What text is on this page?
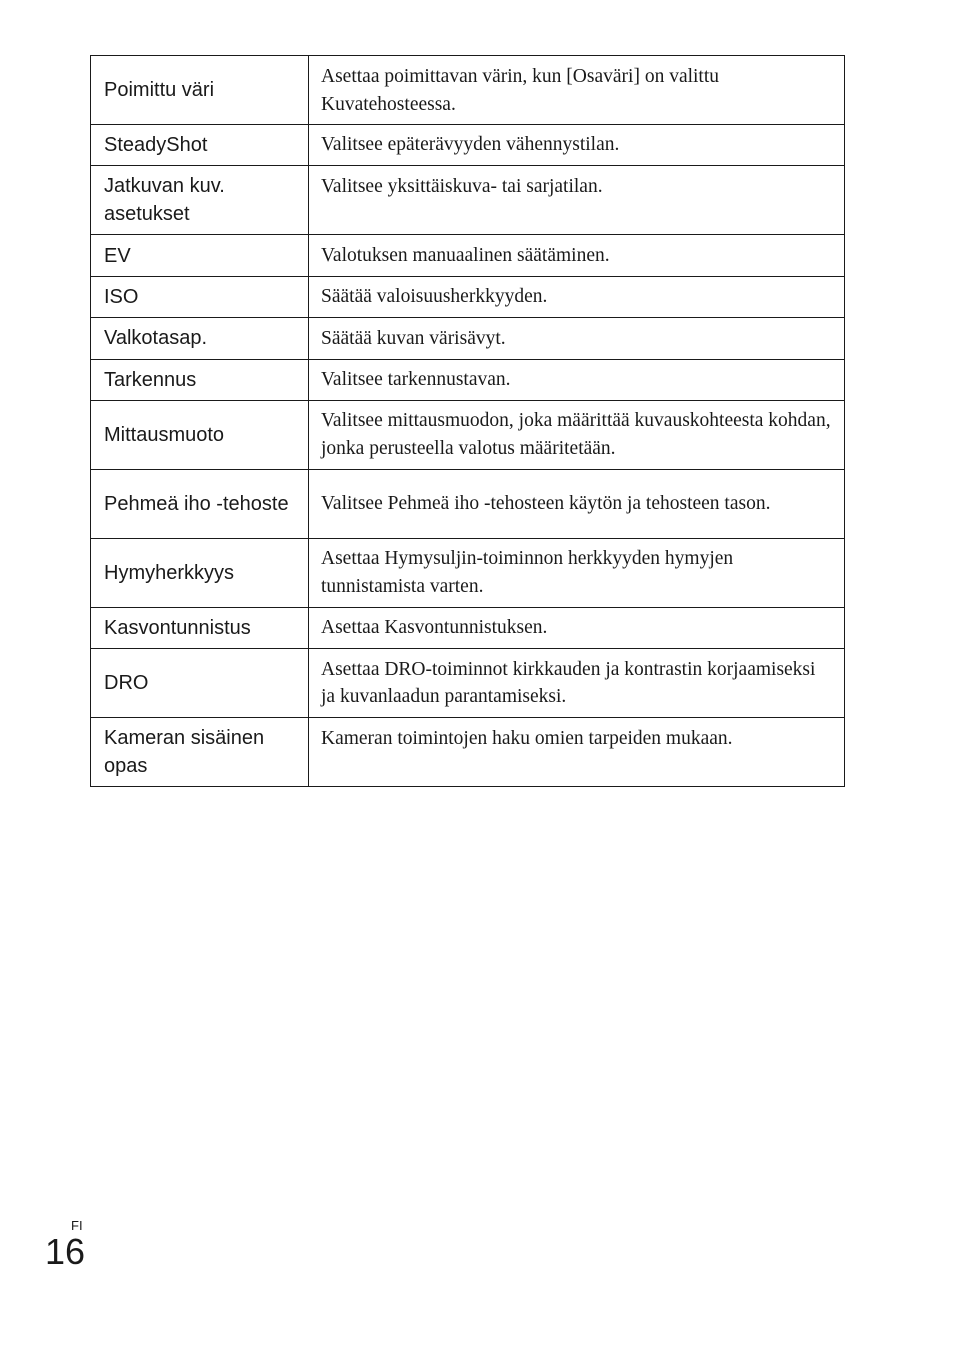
Poimittu väri	Asettaa poimittavan värin, kun [Osaväri] on valittu Kuvatehosteessa.
SteadyShot	Valitsee epäterävyyden vähennystilan.
Jatkuvan kuv. asetukset	Valitsee yksittäiskuva- tai sarjatilan.
EV	Valotuksen manuaalinen säätäminen.
ISO	Säätää valoisuusherkkyyden.
Valkotasap.	Säätää kuvan värisävyt.
Tarkennus	Valitsee tarkennustavan.
Mittausmuoto	Valitsee mittausmuodon, joka määrittää kuvauskohteesta kohdan, jonka perusteella valotus määritetään.
Pehmeä iho -tehoste	Valitsee Pehmeä iho -tehosteen käytön ja tehosteen tason.
Hymyherkkyys	Asettaa Hymysuljin-toiminnon herkkyyden hymyjen tunnistamista varten.
Kasvontunnistus	Asettaa Kasvontunnistuksen.
DRO	Asettaa DRO-toiminnot kirkkauden ja kontrastin korjaamiseksi ja kuvanlaadun parantamiseksi.
Kameran sisäinen opas	Kameran toimintojen haku omien tarpeiden mukaan.
FI
16
